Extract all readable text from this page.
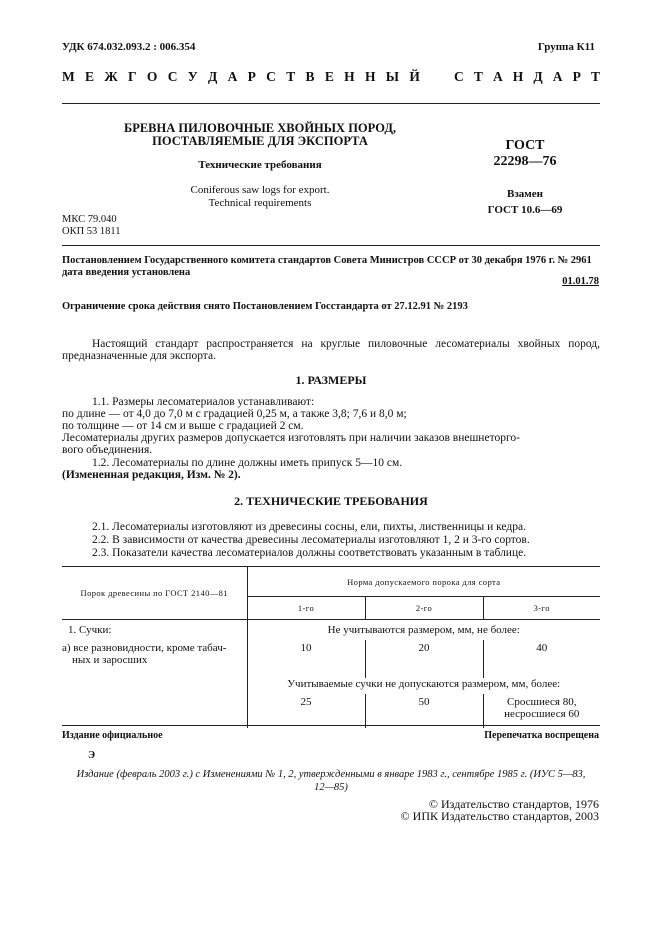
УДК 674.032.093.2 : 006.354	Группа К11
М Е Ж Г О С У Д А Р С Т В Е Н Н Ы Й	С Т А Н Д А Р Т
БРЕВНА ПИЛОВОЧНЫЕ ХВОЙНЫХ ПОРОД,
ПОСТАВЛЯЕМЫЕ ДЛЯ ЭКСПОРТА
Технические требования
Coniferous saw logs for export.
Technical requirements
ГОСТ
22298—76
Взамен
ГОСТ 10.6—69
МКС 79.040
ОКП 53 1811
Постановлением Государственного комитета стандартов Совета Министров СССР от 30 декабря 1976 г. № 2961
дата введения установлена
01.01.78
Ограничение срока действия снято Постановлением Госстандарта от 27.12.91 № 2193
Настоящий стандарт распространяется на круглые пиловочные лесоматериалы хвойных пород, предназначенные для экспорта.
1. РАЗМЕРЫ
1.1. Размеры лесоматериалов устанавливают:
по длине — от 4,0 до 7,0 м с градацией 0,25 м, а также 3,8; 7,6 и 8,0 м;
по толщине — от 14 см и выше с градацией 2 см.
Лесоматериалы других размеров допускается изготовлять при наличии заказов внешнеторго-
вого объединения.
1.2. Лесоматериалы по длине должны иметь припуск 5—10 см.
(Измененная редакция, Изм. № 2).
2. ТЕХНИЧЕСКИЕ ТРЕБОВАНИЯ
2.1. Лесоматериалы изготовляют из древесины сосны, ели, пихты, лиственницы и кедра.
2.2. В зависимости от качества древесины лесоматериалы изготовляют 1, 2 и 3-го сортов.
2.3. Показатели качества лесоматериалов должны соответствовать указанным в таблице.
Порок древесины по ГОСТ 2140—81	Норма допускаемого порока для сорта		
	1-го	2-го	3-го
1. Сучки:	Не учитываются размером, мм, не более:		

а) все разновидности, кроме табач-
ных и заросших	10	20	40
	Учитываемые сучки не допускаются размером, мм, более:		
	25	50	Сросшиеся 80,
несросшиеся 60
Издание официальное	Перепечатка воспрещена
Э
Издание (февраль 2003 г.) с Изменениями № 1, 2, утвержденными в январе 1983 г., сентябре 1985 г. (ИУС 5—83,
12—85)
© Издательство стандартов, 1976
© ИПК Издательство стандартов, 2003
